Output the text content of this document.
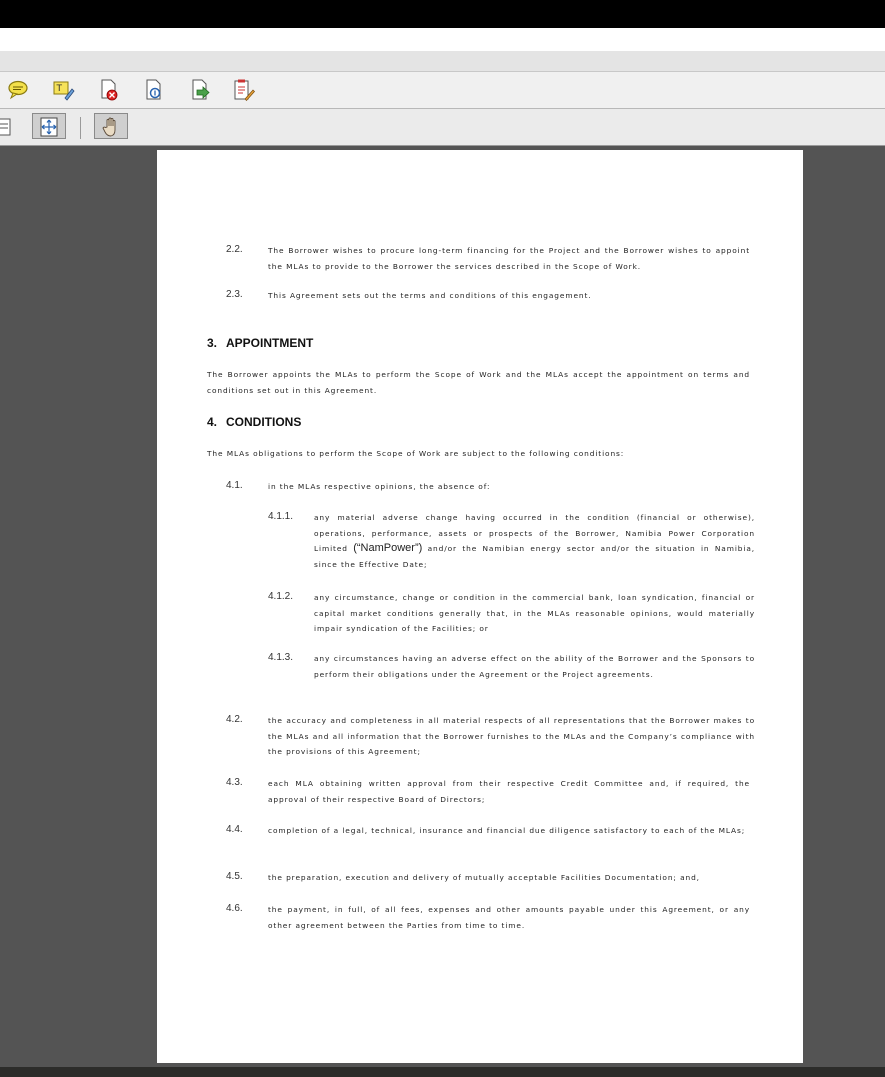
T
2.2.	The Borrower wishes to procure long-term financing for the Project and the Borrower wishes to appoint the MLAs to provide to the Borrower the services described in the Scope of Work.
2.3.	This Agreement sets out the terms and conditions of this engagement.
3. APPOINTMENT
The Borrower appoints the MLAs to perform the Scope of Work and the MLAs accept the appointment on terms and conditions set out in this Agreement.
4. CONDITIONS
The MLAs obligations to perform the Scope of Work are subject to the following conditions:
4.1.	in the MLAs respective opinions, the absence of:
4.1.1.	any material adverse change having occurred in the condition (financial or otherwise), operations, performance, assets or prospects of the Borrower, Namibia Power Corporation Limited (“NamPower”) and/or the Namibian energy sector and/or the situation in Namibia, since the Effective Date;
4.1.2.	any circumstance, change or condition in the commercial bank, loan syndication, financial or capital market conditions generally that, in the MLAs reasonable opinions, would materially impair syndication of the Facilities; or
4.1.3.	any circumstances having an adverse effect on the ability of the Borrower and the Sponsors to perform their obligations under the Agreement or the Project agreements.
4.2.	the accuracy and completeness in all material respects of all representations that the Borrower makes to the MLAs and all information that the Borrower furnishes to the MLAs and the Company’s compliance with the provisions of this Agreement;
4.3.	each MLA obtaining written approval from their respective Credit Committee and, if required, the approval of their respective Board of Directors;
4.4.	completion of a legal, technical, insurance and financial due diligence satisfactory to each of the MLAs;
4.5.	the preparation, execution and delivery of mutually acceptable Facilities Documentation; and,
4.6.	the payment, in full, of all fees, expenses and other amounts payable under this Agreement, or any other agreement between the Parties from time to time.
